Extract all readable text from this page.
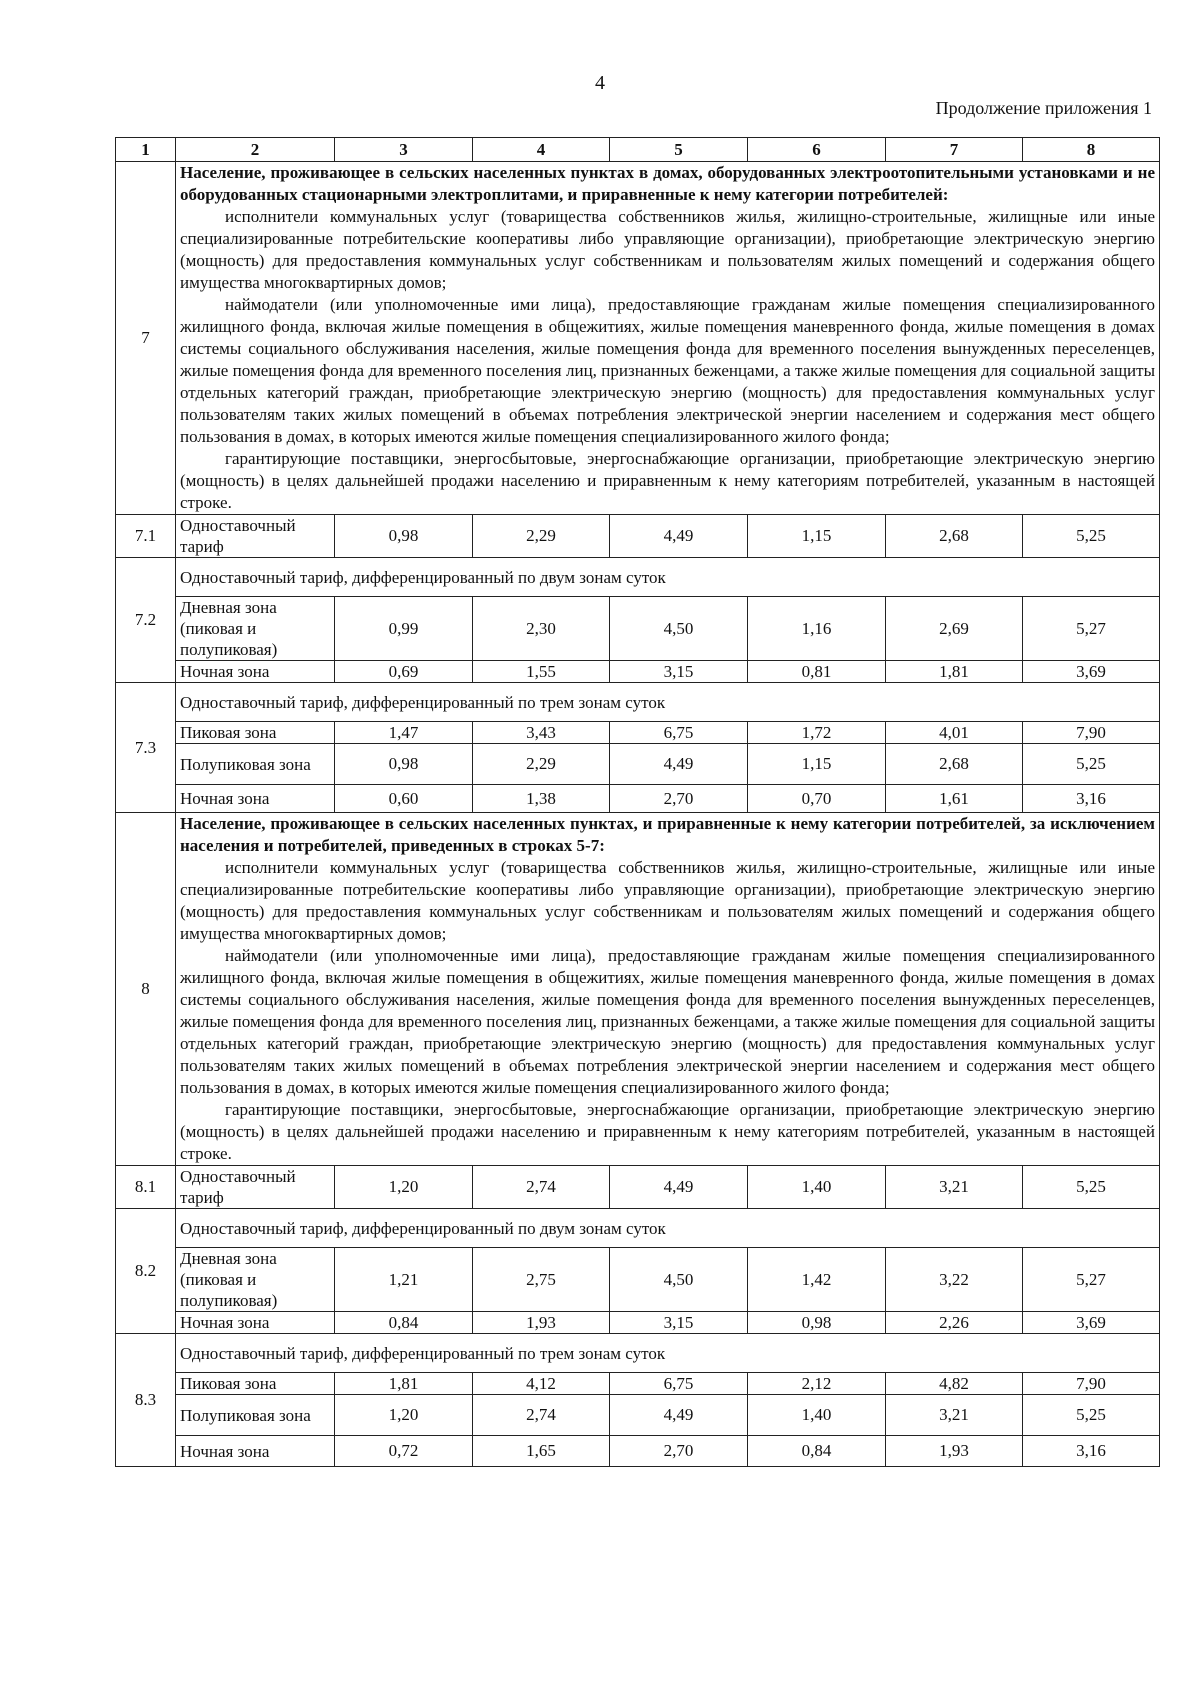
4
Продолжение приложения 1
1	2	3	4	5	6	7	8
7	Население, проживающее в сельских населенных пунктах в домах, оборудованных электроотопительными установками и не оборудованных стационарными электроплитами, и приравненные к нему категории потребителей:

исполнители коммунальных услуг (товарищества собственников жилья, жилищно-строительные, жилищные или иные специализированные потребительские кооперативы либо управляющие организации), приобретающие электрическую энергию (мощность) для предоставления коммунальных услуг собственникам и пользователям жилых помещений и содержания общего имущества многоквартирных домов;

наймодатели (или уполномоченные ими лица), предоставляющие гражданам жилые помещения специализированного жилищного фонда, включая жилые помещения в общежитиях, жилые помещения маневренного фонда, жилые помещения в домах системы социального обслуживания населения, жилые помещения фонда для временного поселения вынужденных переселенцев, жилые помещения фонда для временного поселения лиц, признанных беженцами, а также жилые помещения для социальной защиты отдельных категорий граждан, приобретающие электрическую энергию (мощность) для предоставления коммунальных услуг пользователям таких жилых помещений в объемах потребления электрической энергии населением и содержания мест общего пользования в домах, в которых имеются жилые помещения специализированного жилого фонда;

гарантирующие поставщики, энергосбытовые, энергоснабжающие организации, приобретающие электрическую энергию (мощность) в целях дальнейшей продажи населению и приравненным к нему категориям потребителей, указанным в настоящей строке.						

7.1	Одноставочный тариф	0,98	2,29	4,49	1,15	2,68	5,25
7.2	Одноставочный тариф, дифференцированный по двум зонам суток						
	Дневная зона (пиковая и полупиковая)	0,99	2,30	4,50	1,16	2,69	5,27
	Ночная зона	0,69	1,55	3,15	0,81	1,81	3,69
7.3	Одноставочный тариф, дифференцированный по трем зонам суток						
	Пиковая зона	1,47	3,43	6,75	1,72	4,01	7,90
	Полупиковая зона	0,98	2,29	4,49	1,15	2,68	5,25
	Ночная зона	0,60	1,38	2,70	0,70	1,61	3,16
8	Население, проживающее в сельских населенных пунктах, и приравненные к нему категории потребителей, за исключением населения и потребителей, приведенных в строках 5-7:

исполнители коммунальных услуг (товарищества собственников жилья, жилищно-строительные, жилищные или иные специализированные потребительские кооперативы либо управляющие организации), приобретающие электрическую энергию (мощность) для предоставления коммунальных услуг собственникам и пользователям жилых помещений и содержания общего имущества многоквартирных домов;

наймодатели (или уполномоченные ими лица), предоставляющие гражданам жилые помещения специализированного жилищного фонда, включая жилые помещения в общежитиях, жилые помещения маневренного фонда, жилые помещения в домах системы социального обслуживания населения, жилые помещения фонда для временного поселения вынужденных переселенцев, жилые помещения фонда для временного поселения лиц, признанных беженцами, а также жилые помещения для социальной защиты отдельных категорий граждан, приобретающие электрическую энергию (мощность) для предоставления коммунальных услуг пользователям таких жилых помещений в объемах потребления электрической энергии населением и содержания мест общего пользования в домах, в которых имеются жилые помещения специализированного жилого фонда;

гарантирующие поставщики, энергосбытовые, энергоснабжающие организации, приобретающие электрическую энергию (мощность) в целях дальнейшей продажи населению и приравненным к нему категориям потребителей, указанным в настоящей строке.						

8.1	Одноставочный тариф	1,20	2,74	4,49	1,40	3,21	5,25
8.2	Одноставочный тариф, дифференцированный по двум зонам суток						
	Дневная зона (пиковая и полупиковая)	1,21	2,75	4,50	1,42	3,22	5,27
	Ночная зона	0,84	1,93	3,15	0,98	2,26	3,69
8.3	Одноставочный тариф, дифференцированный по трем зонам суток						
	Пиковая зона	1,81	4,12	6,75	2,12	4,82	7,90
	Полупиковая зона	1,20	2,74	4,49	1,40	3,21	5,25
	Ночная зона	0,72	1,65	2,70	0,84	1,93	3,16
